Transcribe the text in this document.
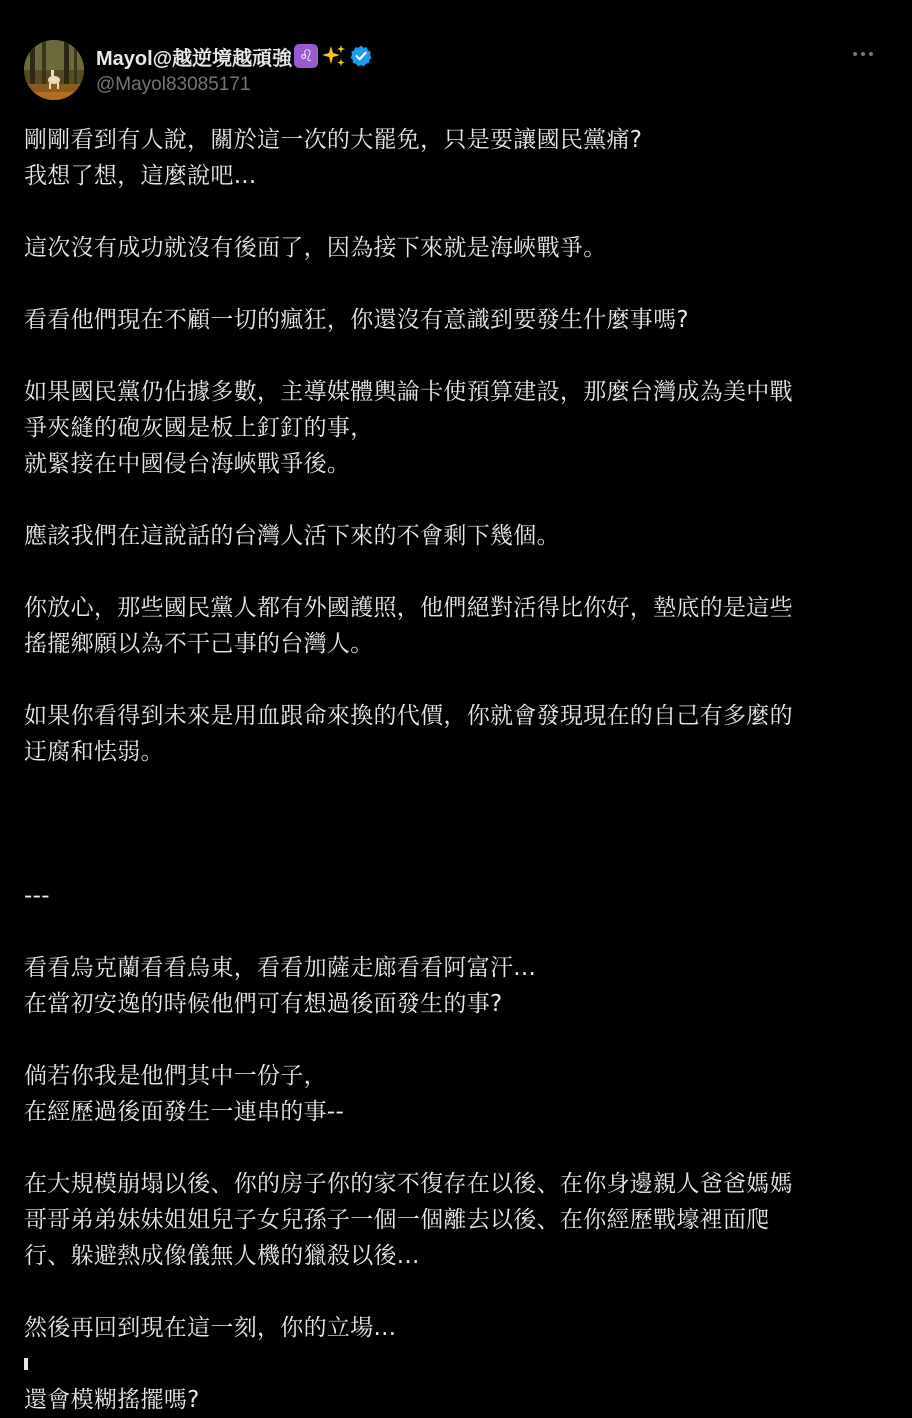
Mayol@越逆境越頑強 ♌
@Mayol83085171
剛剛看到有人說，關於這一次的大罷免，只是要讓國民黨痛?
我想了想，這麼說吧...
這次沒有成功就沒有後面了，因為接下來就是海峽戰爭。
看看他們現在不顧一切的瘋狂，你還沒有意識到要發生什麼事嗎?
如果國民黨仍佔據多數，主導媒體輿論卡使預算建設，那麼台灣成為美中戰
爭夾縫的砲灰國是板上釘釘的事，
就緊接在中國侵台海峽戰爭後。
應該我們在這說話的台灣人活下來的不會剩下幾個。
你放心，那些國民黨人都有外國護照，他們絕對活得比你好，墊底的是這些
搖擺鄉願以為不干己事的台灣人。
如果你看得到未來是用血跟命來換的代價，你就會發現現在的自己有多麼的
迂腐和怯弱。
---
看看烏克蘭看看烏東，看看加薩走廊看看阿富汗...
在當初安逸的時候他們可有想過後面發生的事?
倘若你我是他們其中一份子，
在經歷過後面發生一連串的事--
在大規模崩塌以後、你的房子你的家不復存在以後、在你身邊親人爸爸媽媽
哥哥弟弟妹妹姐姐兒子女兒孫子一個一個離去以後、在你經歷戰壕裡面爬
行、躲避熱成像儀無人機的獵殺以後...
然後再回到現在這一刻，你的立場...
還會模糊搖擺嗎?
